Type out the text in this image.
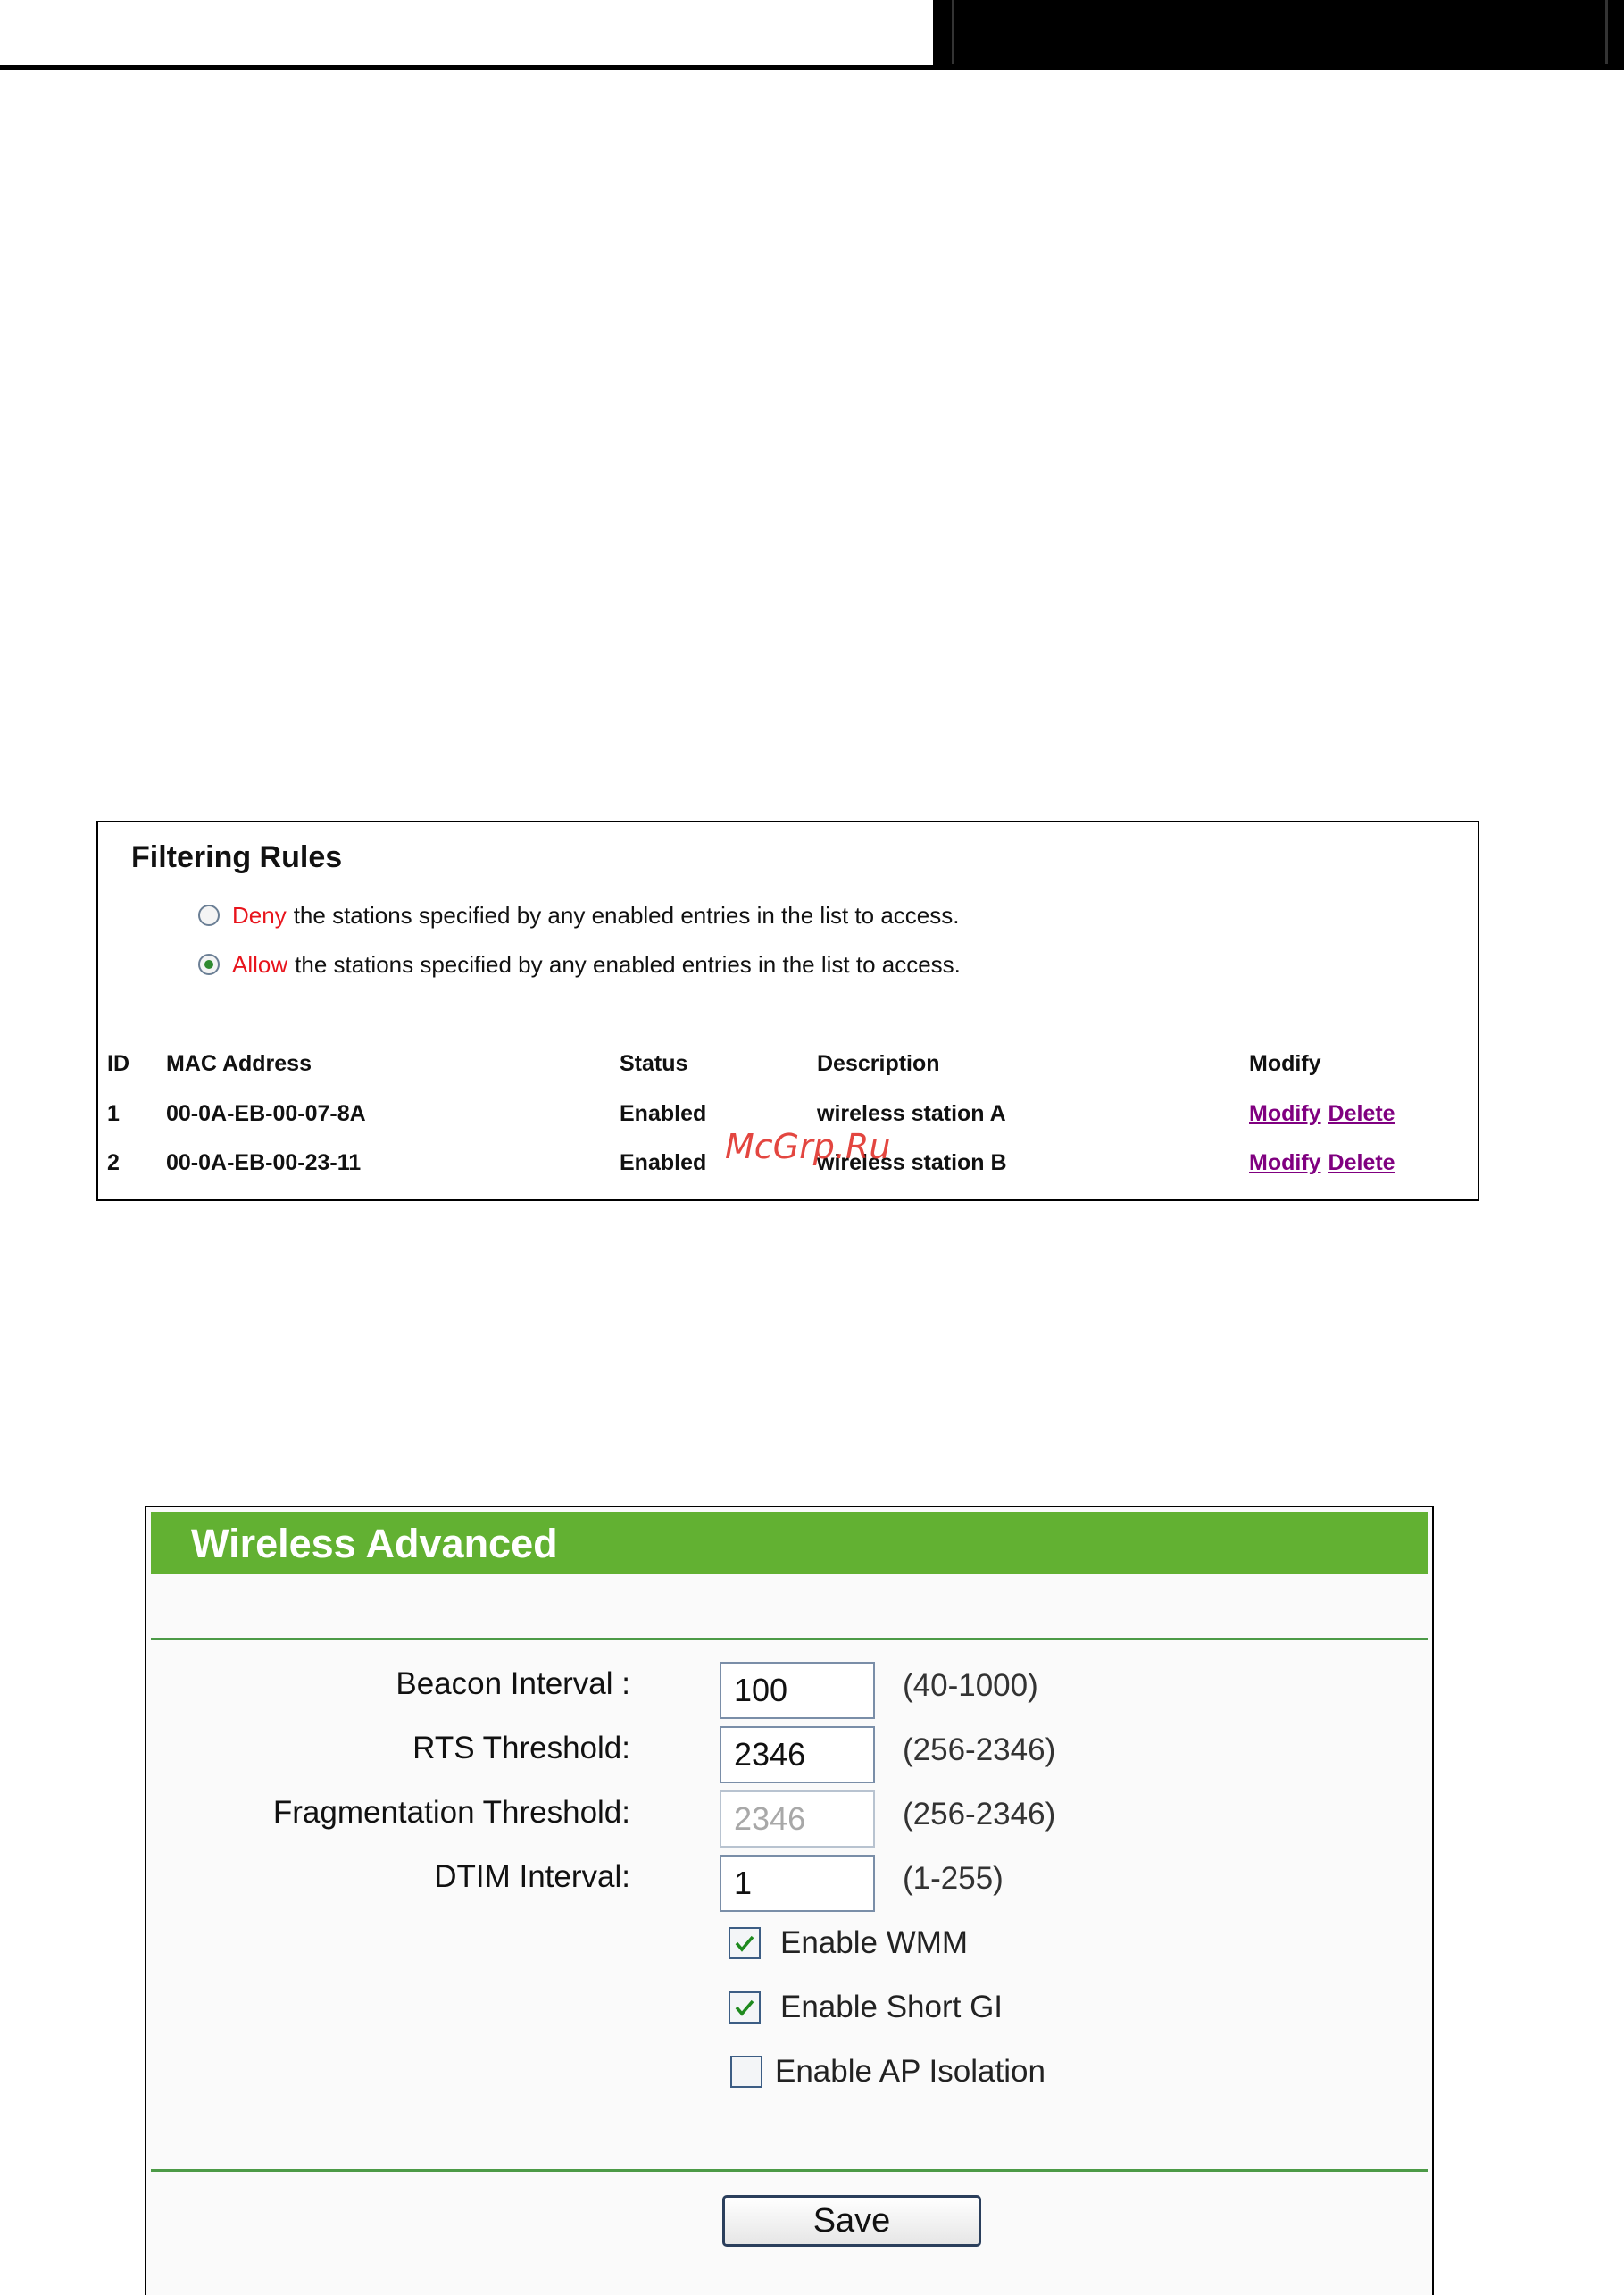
Filtering Rules
Deny the stations specified by any enabled entries in the list to access.
Allow the stations specified by any enabled entries in the list to access.
ID MAC Address	Status	Description	Modify
1 00-0A-EB-00-07-8A	Enabled	wireless station A	Modify Delete
2 00-0A-EB-00-23-11	Enabled	wireless station B	Modify Delete
McGrp.Ru
Wireless Advanced
Beacon Interval :
100	(40-1000)
RTS Threshold:
2346	(256-2346)
Fragmentation Threshold:
2346	(256-2346)
DTIM Interval:
1	(1-255)
Enable WMM
Enable Short GI
Enable AP Isolation
Save
